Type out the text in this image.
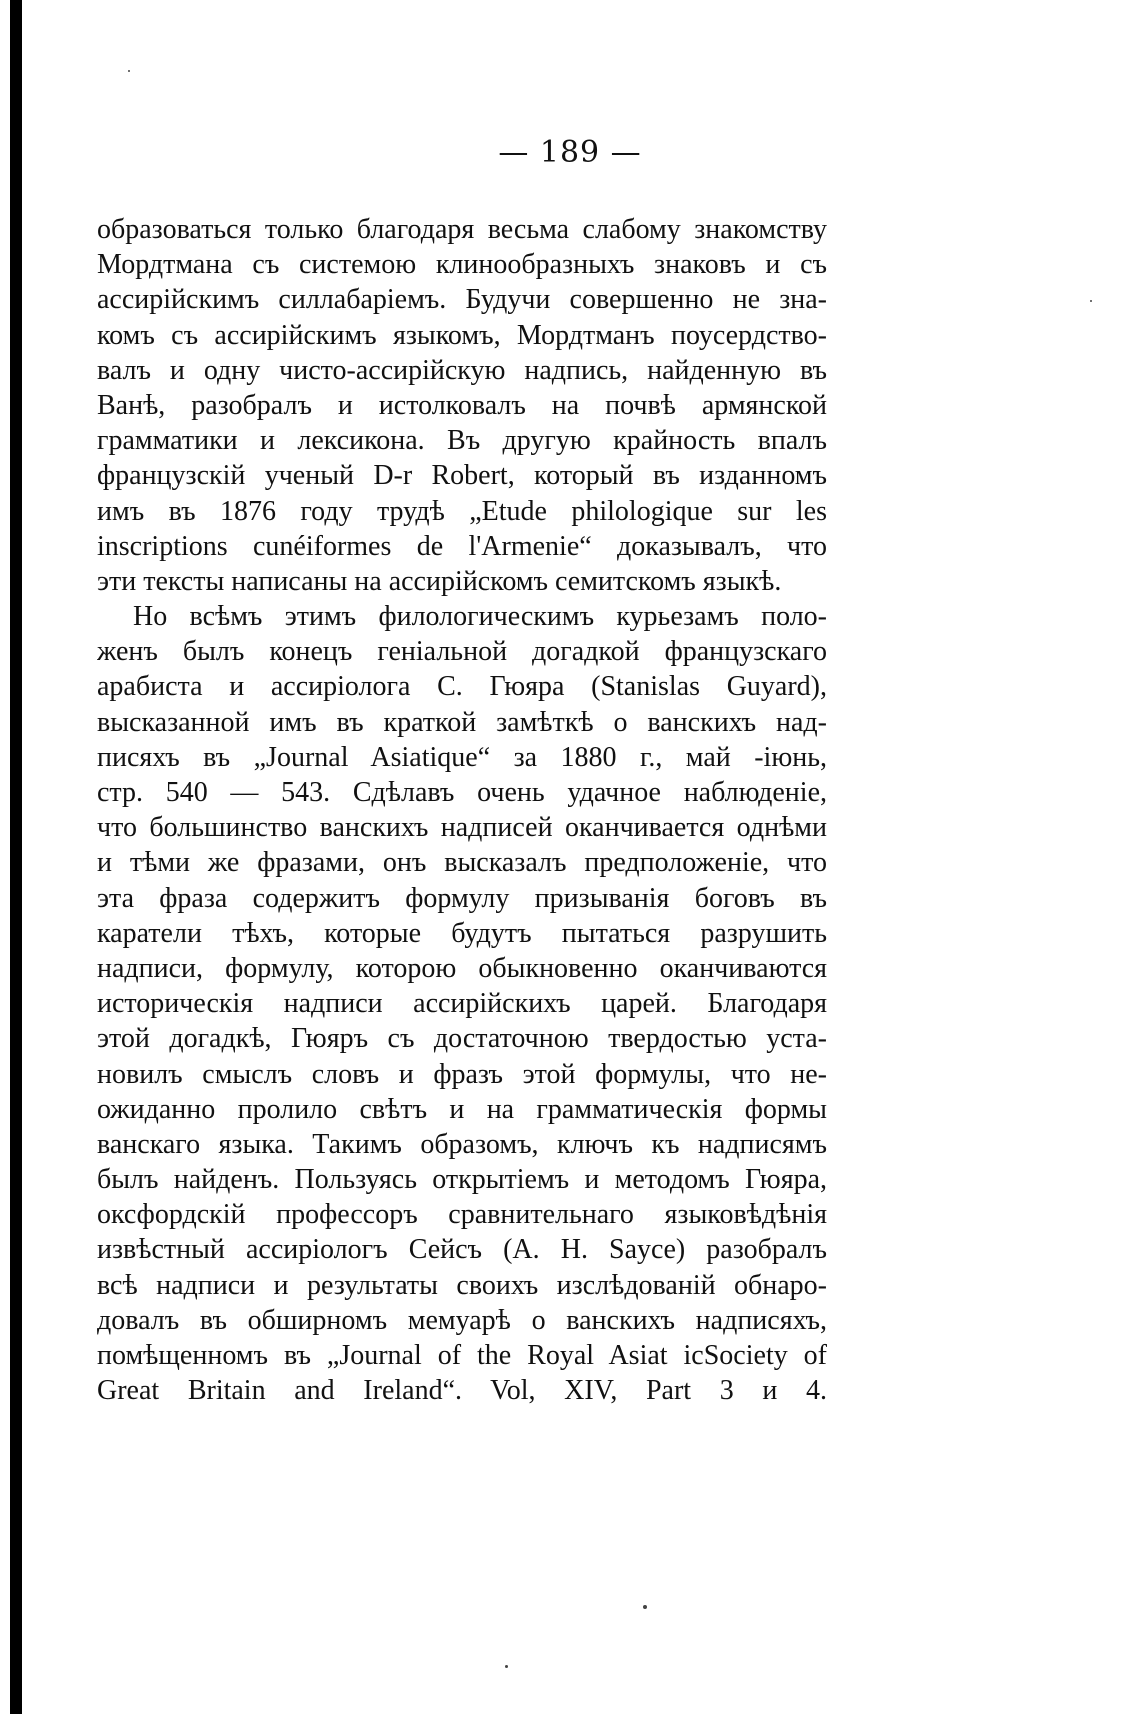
— 189 —
образоваться только благодаря весьма слабому знакомству
Мордтмана съ системою клинообразныхъ знаковъ и съ
ассирійскимъ силлабаріемъ. Будучи совершенно не зна-
комъ съ ассирійскимъ языкомъ, Мордтманъ поусердство-
валъ и одну чисто-ассирійскую надпись, найденную въ
Ванѣ, разобралъ и истолковалъ на почвѣ армянской
грамматики и лексикона. Въ другую крайность впалъ
французскій ученый D-r Robert, который въ изданномъ
имъ въ 1876 году трудѣ „Etude philologique sur les
inscriptions cunéiformes de l'Armenie“ доказывалъ, что
эти тексты написаны на ассирійскомъ семитскомъ языкѣ.
Но всѣмъ этимъ филологическимъ курьезамъ поло-
женъ былъ конецъ геніальной догадкой французскаго
арабиста и ассиріолога С. Гюяра (Stanislas Guyard),
высказанной имъ въ краткой замѣткѣ о ванскихъ над-
писяхъ въ „Journal Asiatique“ за 1880 г., май -іюнь,
стр. 540 — 543. Сдѣлавъ очень удачное наблюденіе,
что большинство ванскихъ надписей оканчивается однѣми
и тѣми же фразами, онъ высказалъ предположеніе, что
эта фраза содержитъ формулу призыванія боговъ въ
каратели тѣхъ, которые будутъ пытаться разрушить
надписи, формулу, которою обыкновенно оканчиваются
историческія надписи ассирійскихъ царей. Благодаря
этой догадкѣ, Гюяръ съ достаточною твердостью уста-
новилъ смыслъ словъ и фразъ этой формулы, что не-
ожиданно пролило свѣтъ и на грамматическія формы
ванскаго языка. Такимъ образомъ, ключъ къ надписямъ
былъ найденъ. Пользуясь открытіемъ и методомъ Гюяра,
оксфордскій профессоръ сравнительнаго языковѣдѣнія
извѣстный ассиріологъ Сейсъ (A. H. Sayce) разобралъ
всѣ надписи и результаты своихъ изслѣдованій обнаро-
довалъ въ обширномъ мемуарѣ о ванскихъ надписяхъ,
помѣщенномъ въ „Journal of the Royal Asiat icSociety of
Great Britain and Ireland“. Vol, XIV, Part 3 и 4.
